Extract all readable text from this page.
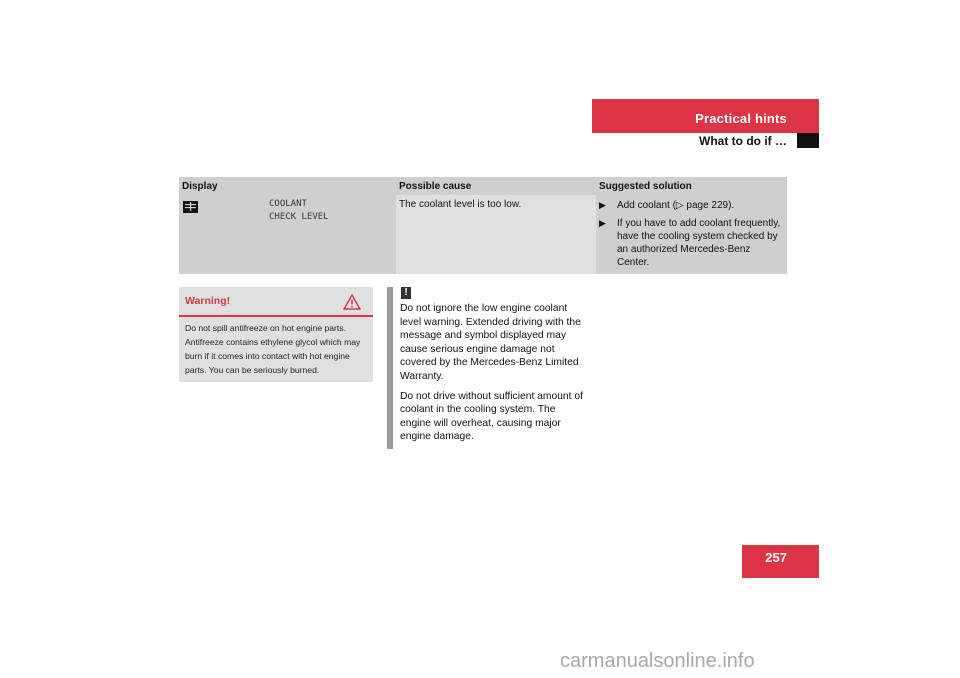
Practical hints
What to do if …
Display	Possible cause	Suggested solution
COOLANT
CHECK LEVEL
The coolant level is too low.	▶	Add coolant (▷ page 229).
▶	If you have to add coolant frequently, have the cooling system checked by an authorized Mercedes-Benz Center.
Warning!
Do not spill antifreeze on hot engine parts. Antifreeze contains ethylene glycol which may burn if it comes into contact with hot engine parts. You can be seriously burned.
!

Do not ignore the low engine coolant level warning. Extended driving with the message and symbol displayed may cause serious engine damage not covered by the Mercedes-Benz Limited Warranty.

Do not drive without sufficient amount of coolant in the cooling system. The engine will overheat, causing major engine damage.

257
carmanualsonline.info
